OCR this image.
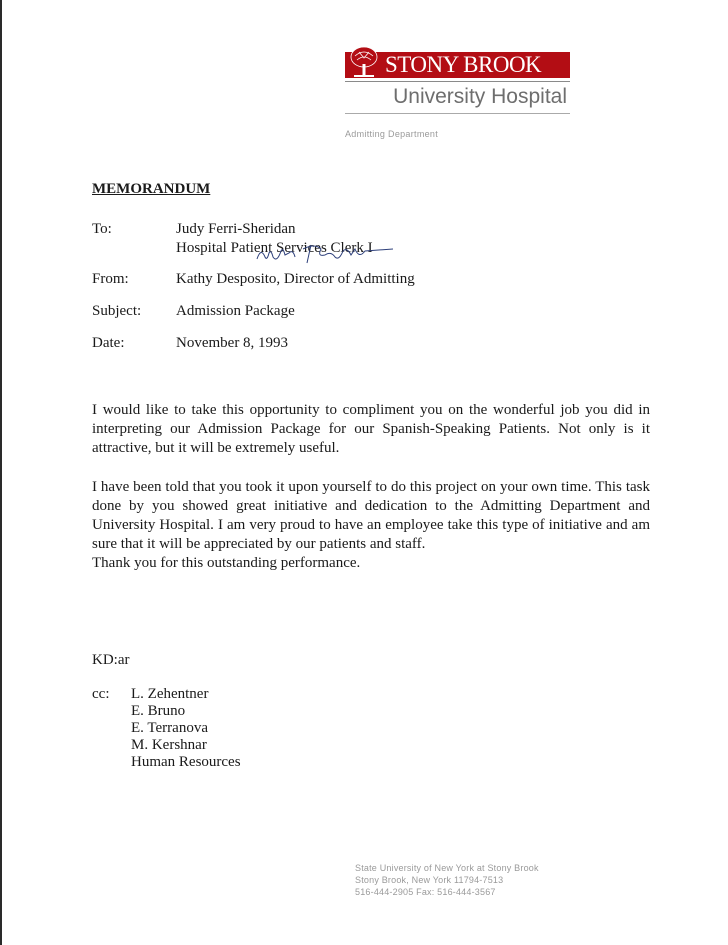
STONY BROOK
University Hospital
Admitting Department
MEMORANDUM
To:	Judy Ferri-Sheridan
Hospital Patient Services Clerk I
From:	Kathy Desposito, Director of Admitting
Subject: Admission Package
Date:	November 8, 1993
I would like to take this opportunity to compliment you on the wonderful job you did in interpreting our Admission Package for our Spanish-Speaking Patients. Not only is it attractive, but it will be extremely useful.
I have been told that you took it upon yourself to do this project on your own time. This task done by you showed great initiative and dedication to the Admitting Department and University Hospital. I am very proud to have an employee take this type of initiative and am sure that it will be appreciated by our patients and staff.
Thank you for this outstanding performance.
KD:ar
cc: L. Zehentner
E. Bruno
E. Terranova
M. Kershnar
Human Resources
State University of New York at Stony Brook
Stony Brook, New York 11794-7513
516-444-2905 Fax: 516-444-3567
